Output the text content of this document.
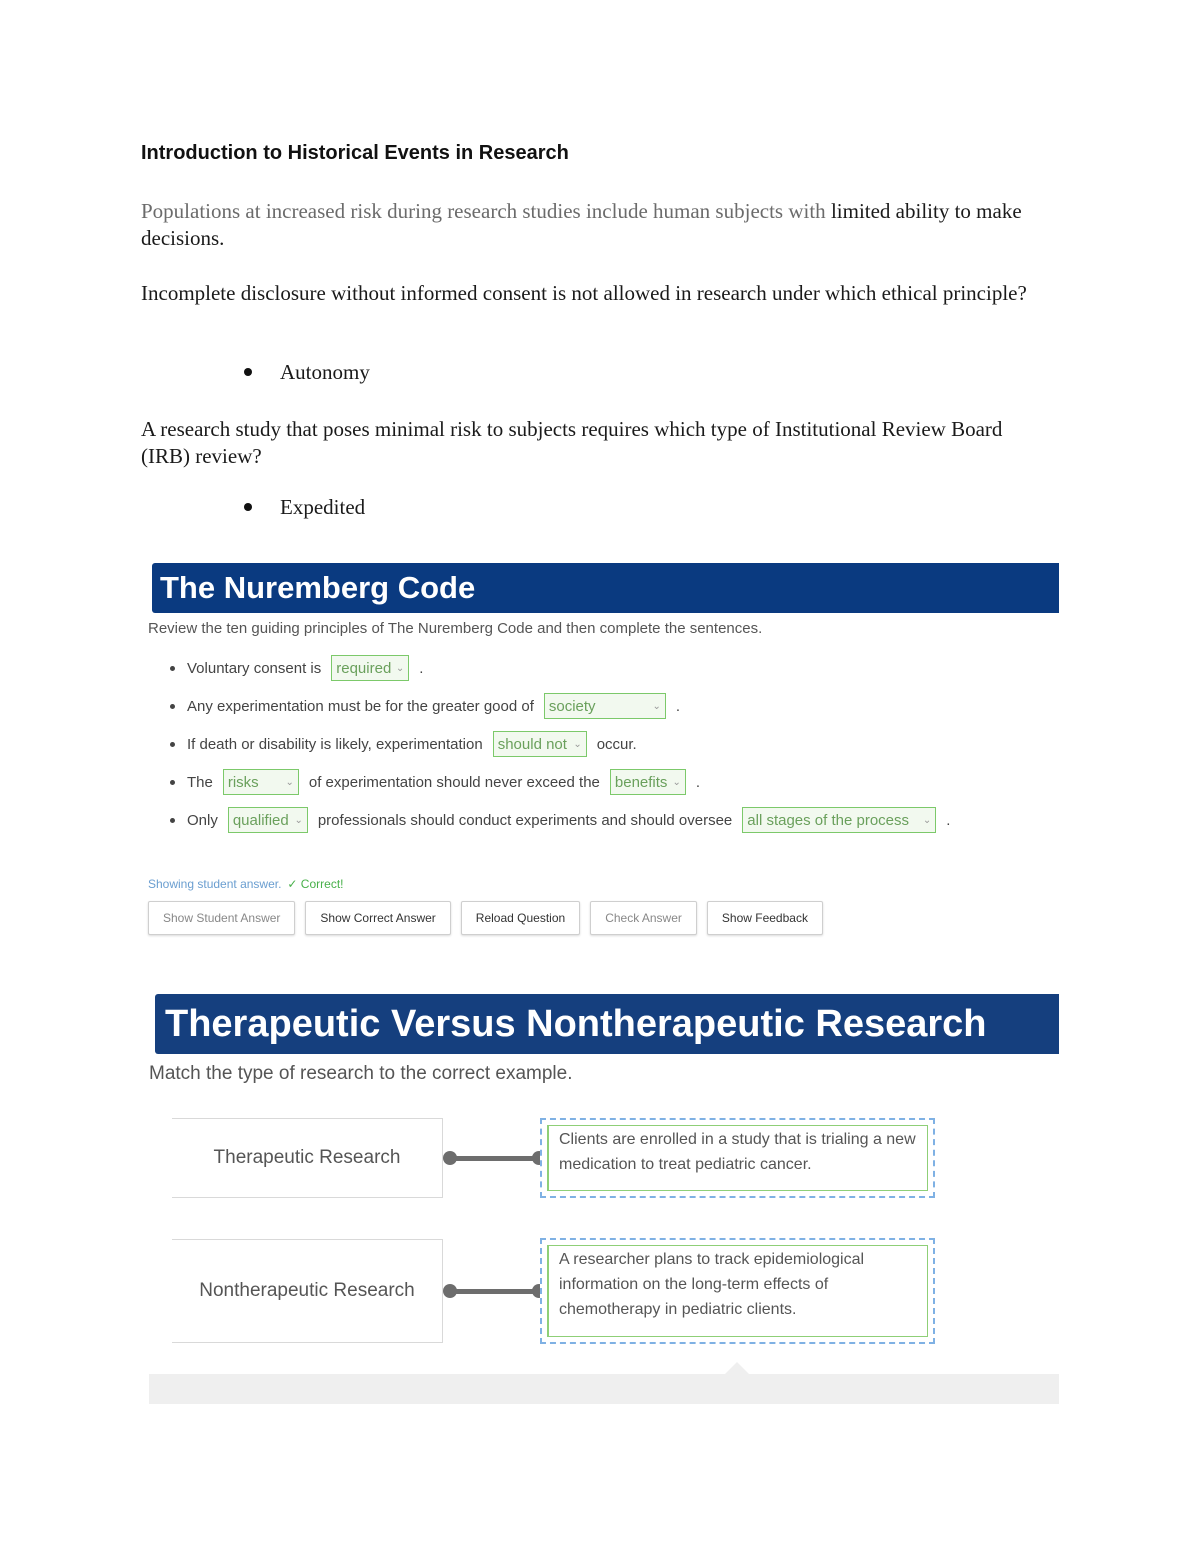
Introduction to Historical Events in Research
Populations at increased risk during research studies include human subjects with limited ability to make decisions.
Incomplete disclosure without informed consent is not allowed in research under which ethical principle?
Autonomy
A research study that poses minimal risk to subjects requires which type of Institutional Review Board (IRB) review?
Expedited
The Nuremberg Code
Review the ten guiding principles of The Nuremberg Code and then complete the sentences.
Voluntary consent is required ⌄ .
Any experimentation must be for the greater good of society	⌄ .
If death or disability is likely, experimentation should not ⌄ occur.
The risks	⌄ of experimentation should never exceed the benefits ⌄ .
Only qualified ⌄ professionals should conduct experiments and should oversee all stages of the process ⌄ .
Showing student answer. ✓ Correct!
Show Student Answer	Show Correct Answer	Reload Question	Check Answer	Show Feedback
Therapeutic Versus Nontherapeutic Research
Match the type of research to the correct example.
Therapeutic Research
Clients are enrolled in a study that is trialing a new medication to treat pediatric cancer.
Nontherapeutic Research
A researcher plans to track epidemiological information on the long-term effects of chemotherapy in pediatric clients.
